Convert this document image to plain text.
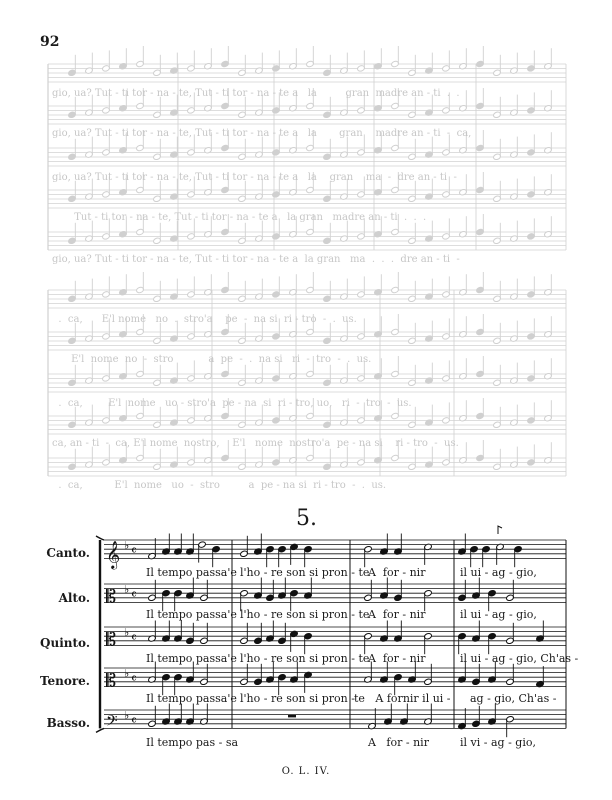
92
gio, ua? Tut - ti tor - na - te, Tut - ti tor - na - te a   la         gran  madre an - ti  .  .
gio, ua? Tut - ti tor - na - te, Tut - ti tor - na - te a   la       gran    madre an - ti  -  ca,
gio, ua? Tut - ti tor - na - te, Tut - ti tor - na - te a   la    gran    ma  -  dre an - ti  -
Tut - ti tor - na - te, Tut - ti tor - na - te a   la gran   madre an - ti  .  .  .
gio, ua? Tut - ti tor - na - te, Tut - ti tor - na - te a  la gran   ma  .  .  .  dre an - ti  -
.  ca,      E'l nome   no  .  stro'a    pe  -  na si  ri - tro  -  .  us.
E'l  nome  no  -  stro           a  pe  -  .  na si   ri  -  tro  -  .  us.
.  ca,        E'l  nome   uo - stro'a  pe - na  si  ri - tro, uo,   ri  -  tro  -  us.
ca, an - ti  -  ca, E'l nome  nostro,    E'l   nome  nostro'a  pe - na si    ri - tro  -  us.
.  ca,          E'l  nome   uo  -  stro         a  pe - na si  ri - tro  -  .  us.
5.
𝄞 ♭ 𝄴
𝄡 ♭ 𝄴
𝄡 ♭ 𝄴
𝄡 ♭ 𝄴
𝄢 ♭ 𝄴
Canto.
Alto.
Quinto.
Tenore.
Basso.
Il tempo passa'e l'ho - re son si pron - te
A  for - nir	il ui - ag - gio,
Il tempo passa'e l'ho - re son si pron - te
A  for - nir	il ui - ag - gio,
Il tempo passa'e l'ho - re son si pron - te
A  for - nir	il ui - ag - gio, Ch'as -
Il tempo passa'e l'ho - re son si pron - te   A fornir il ui - ag - gio, Ch'as -
Il tempo pas - sa	A   for - nir	il vi - ag - gio,
O. L. IV.
